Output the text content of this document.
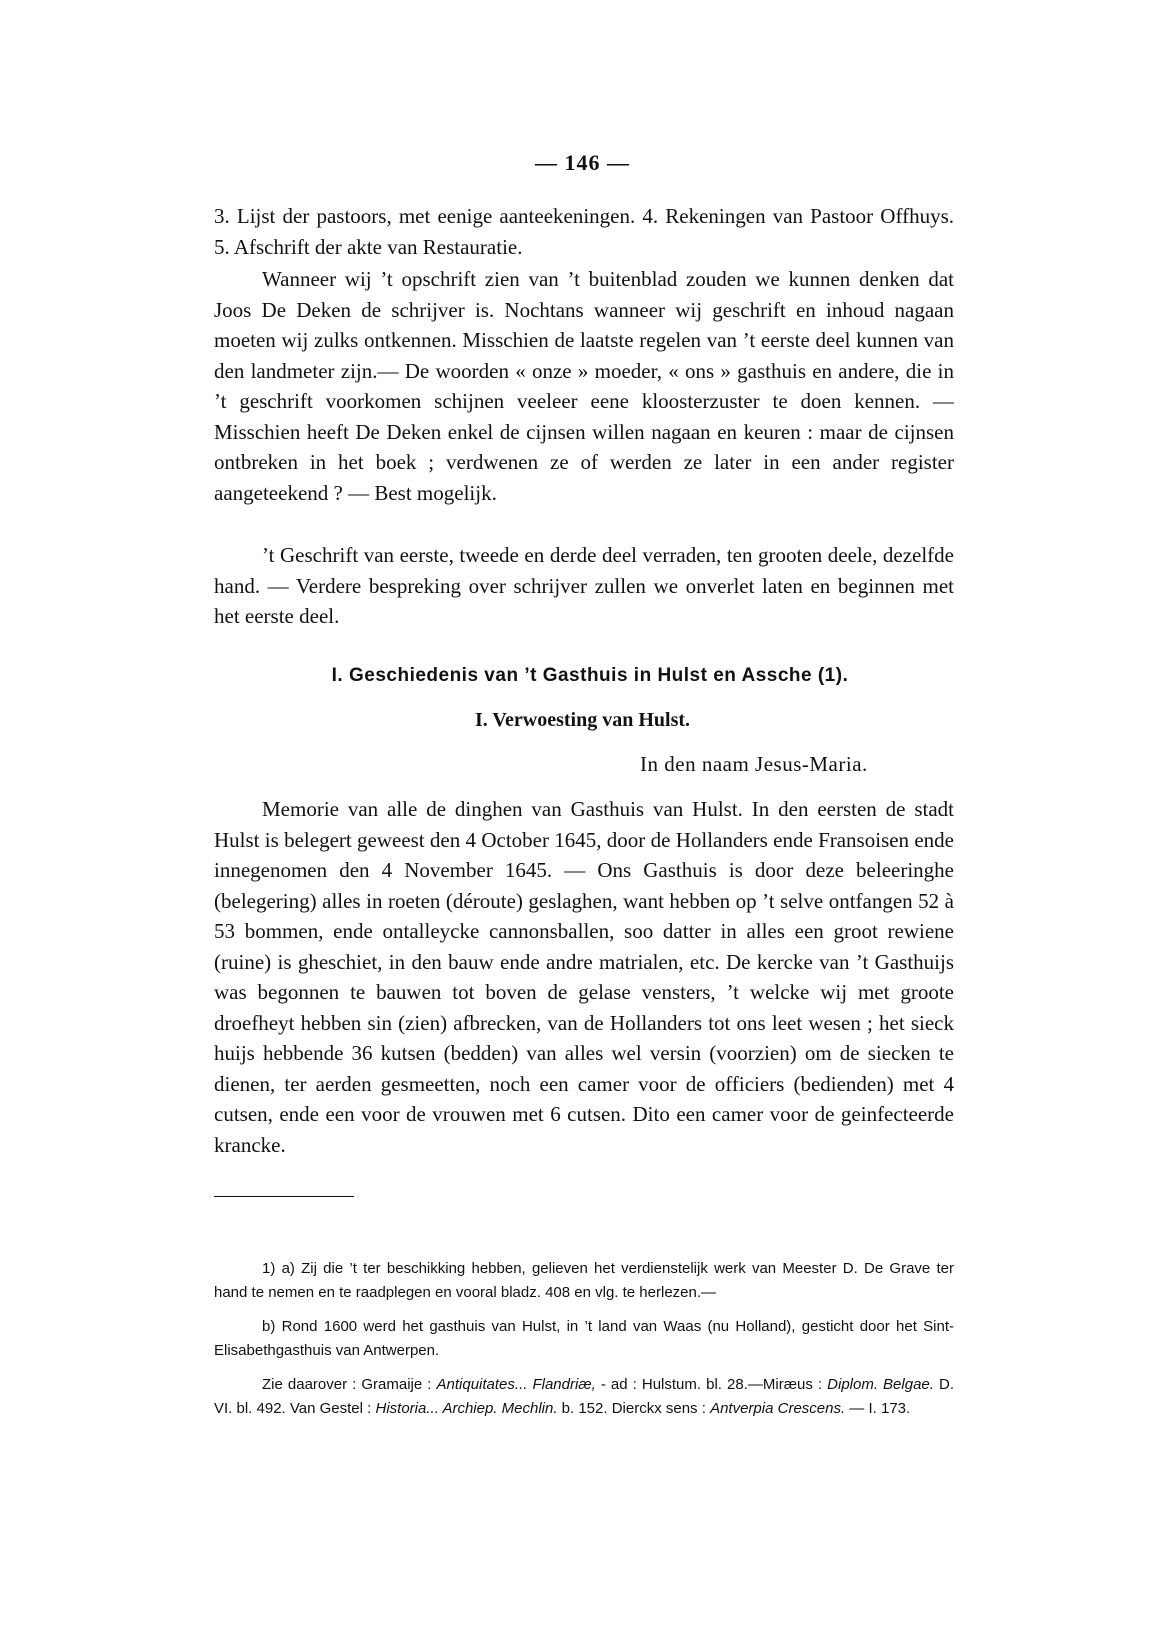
— 146 —

3. Lijst der pastoors, met eenige aanteekeningen. 4. Rekeningen van Pastoor Offhuys. 5. Afschrift der akte van Restauratie.

Wanneer wij ’t opschrift zien van ’t buitenblad zouden we kunnen denken dat Joos De Deken de schrijver is. Nochtans wanneer wij geschrift en inhoud nagaan moeten wij zulks ontkennen. Misschien de laatste regelen van ’t eerste deel kunnen van den landmeter zijn.— De woorden « onze » moeder, « ons » gasthuis en andere, die in ’t geschrift voorkomen schijnen veeleer eene kloosterzuster te doen kennen. — Misschien heeft De Deken enkel de cijnsen willen nagaan en keuren : maar de cijnsen ontbreken in het boek ; verdwenen ze of werden ze later in een ander register aangeteekend ? — Best mogelijk.

’t Geschrift van eerste, tweede en derde deel verraden, ten grooten deele, dezelfde hand. — Verdere bespreking over schrijver zullen we onverlet laten en beginnen met het eerste deel.

I. Geschiedenis van ’t Gasthuis in Hulst en Assche (1).
I. Verwoesting van Hulst.
In den naam Jesus-Maria.

Memorie van alle de dinghen van Gasthuis van Hulst. In den eersten de stadt Hulst is belegert geweest den 4 October 1645, door de Hollanders ende Fransoisen ende innegenomen den 4 November 1645. — Ons Gasthuis is door deze beleeringhe (belegering) alles in roeten (déroute) geslaghen, want hebben op ’t selve ontfangen 52 à 53 bommen, ende ontalleycke cannonsballen, soo datter in alles een groot rewiene (ruine) is gheschiet, in den bauw ende andre matrialen, etc. De kercke van ’t Gasthuijs was begonnen te bauwen tot boven de gelase vensters, ’t welcke wij met groote droefheyt hebben sin (zien) afbrecken, van de Hollanders tot ons leet wesen ; het sieck huijs hebbende 36 kutsen (bedden) van alles wel versin (voorzien) om de siecken te dienen, ter aerden gesmeetten, noch een camer voor de officiers (bedienden) met 4 cutsen, ende een voor de vrouwen met 6 cutsen. Dito een camer voor de geinfecteerde krancke.

1) a) Zij die ’t ter beschikking hebben, gelieven het verdienstelijk werk van Meester D. De Grave ter hand te nemen en te raadplegen en vooral bladz. 408 en vlg. te herlezen.—

b) Rond 1600 werd het gasthuis van Hulst, in ’t land van Waas (nu Holland), gesticht door het Sint-Elisabethgasthuis van Antwerpen.

Zie daarover : Gramaije : Antiquitates... Flandriæ, - ad : Hulstum. bl. 28.—Miræus : Diplom. Belgae. D. VI. bl. 492. Van Gestel : Historia... Archiep. Mechlin. b. 152. Dierckx sens : Antverpia Crescens. — I. 173.
